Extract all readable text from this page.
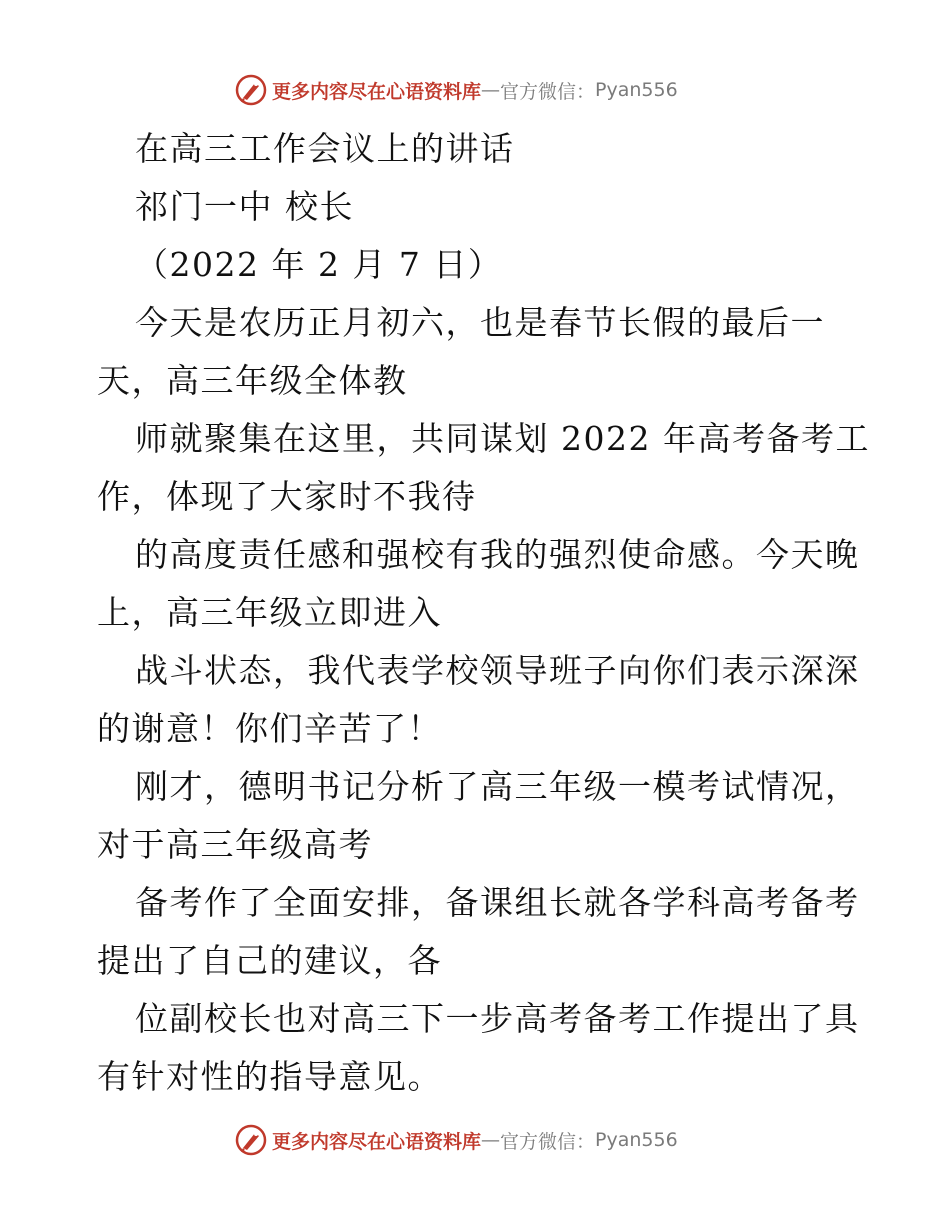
更多内容尽在心语资料库 — 官方微信： Pyan556
在高三工作会议上的讲话
祁门一中 校长
（2022 年 2 月 7 日）
今天是农历正月初六，也是春节长假的最后一
天，高三年级全体教
师就聚集在这里，共同谋划 2022 年高考备考工
作，体现了大家时不我待
的高度责任感和强校有我的强烈使命感。今天晚
上，高三年级立即进入
战斗状态，我代表学校领导班子向你们表示深深
的谢意！你们辛苦了！
刚才，德明书记分析了高三年级一模考试情况，
对于高三年级高考
备考作了全面安排，备课组长就各学科高考备考
提出了自己的建议，各
位副校长也对高三下一步高考备考工作提出了具
有针对性的指导意见。
更多内容尽在心语资料库 — 官方微信： Pyan556
